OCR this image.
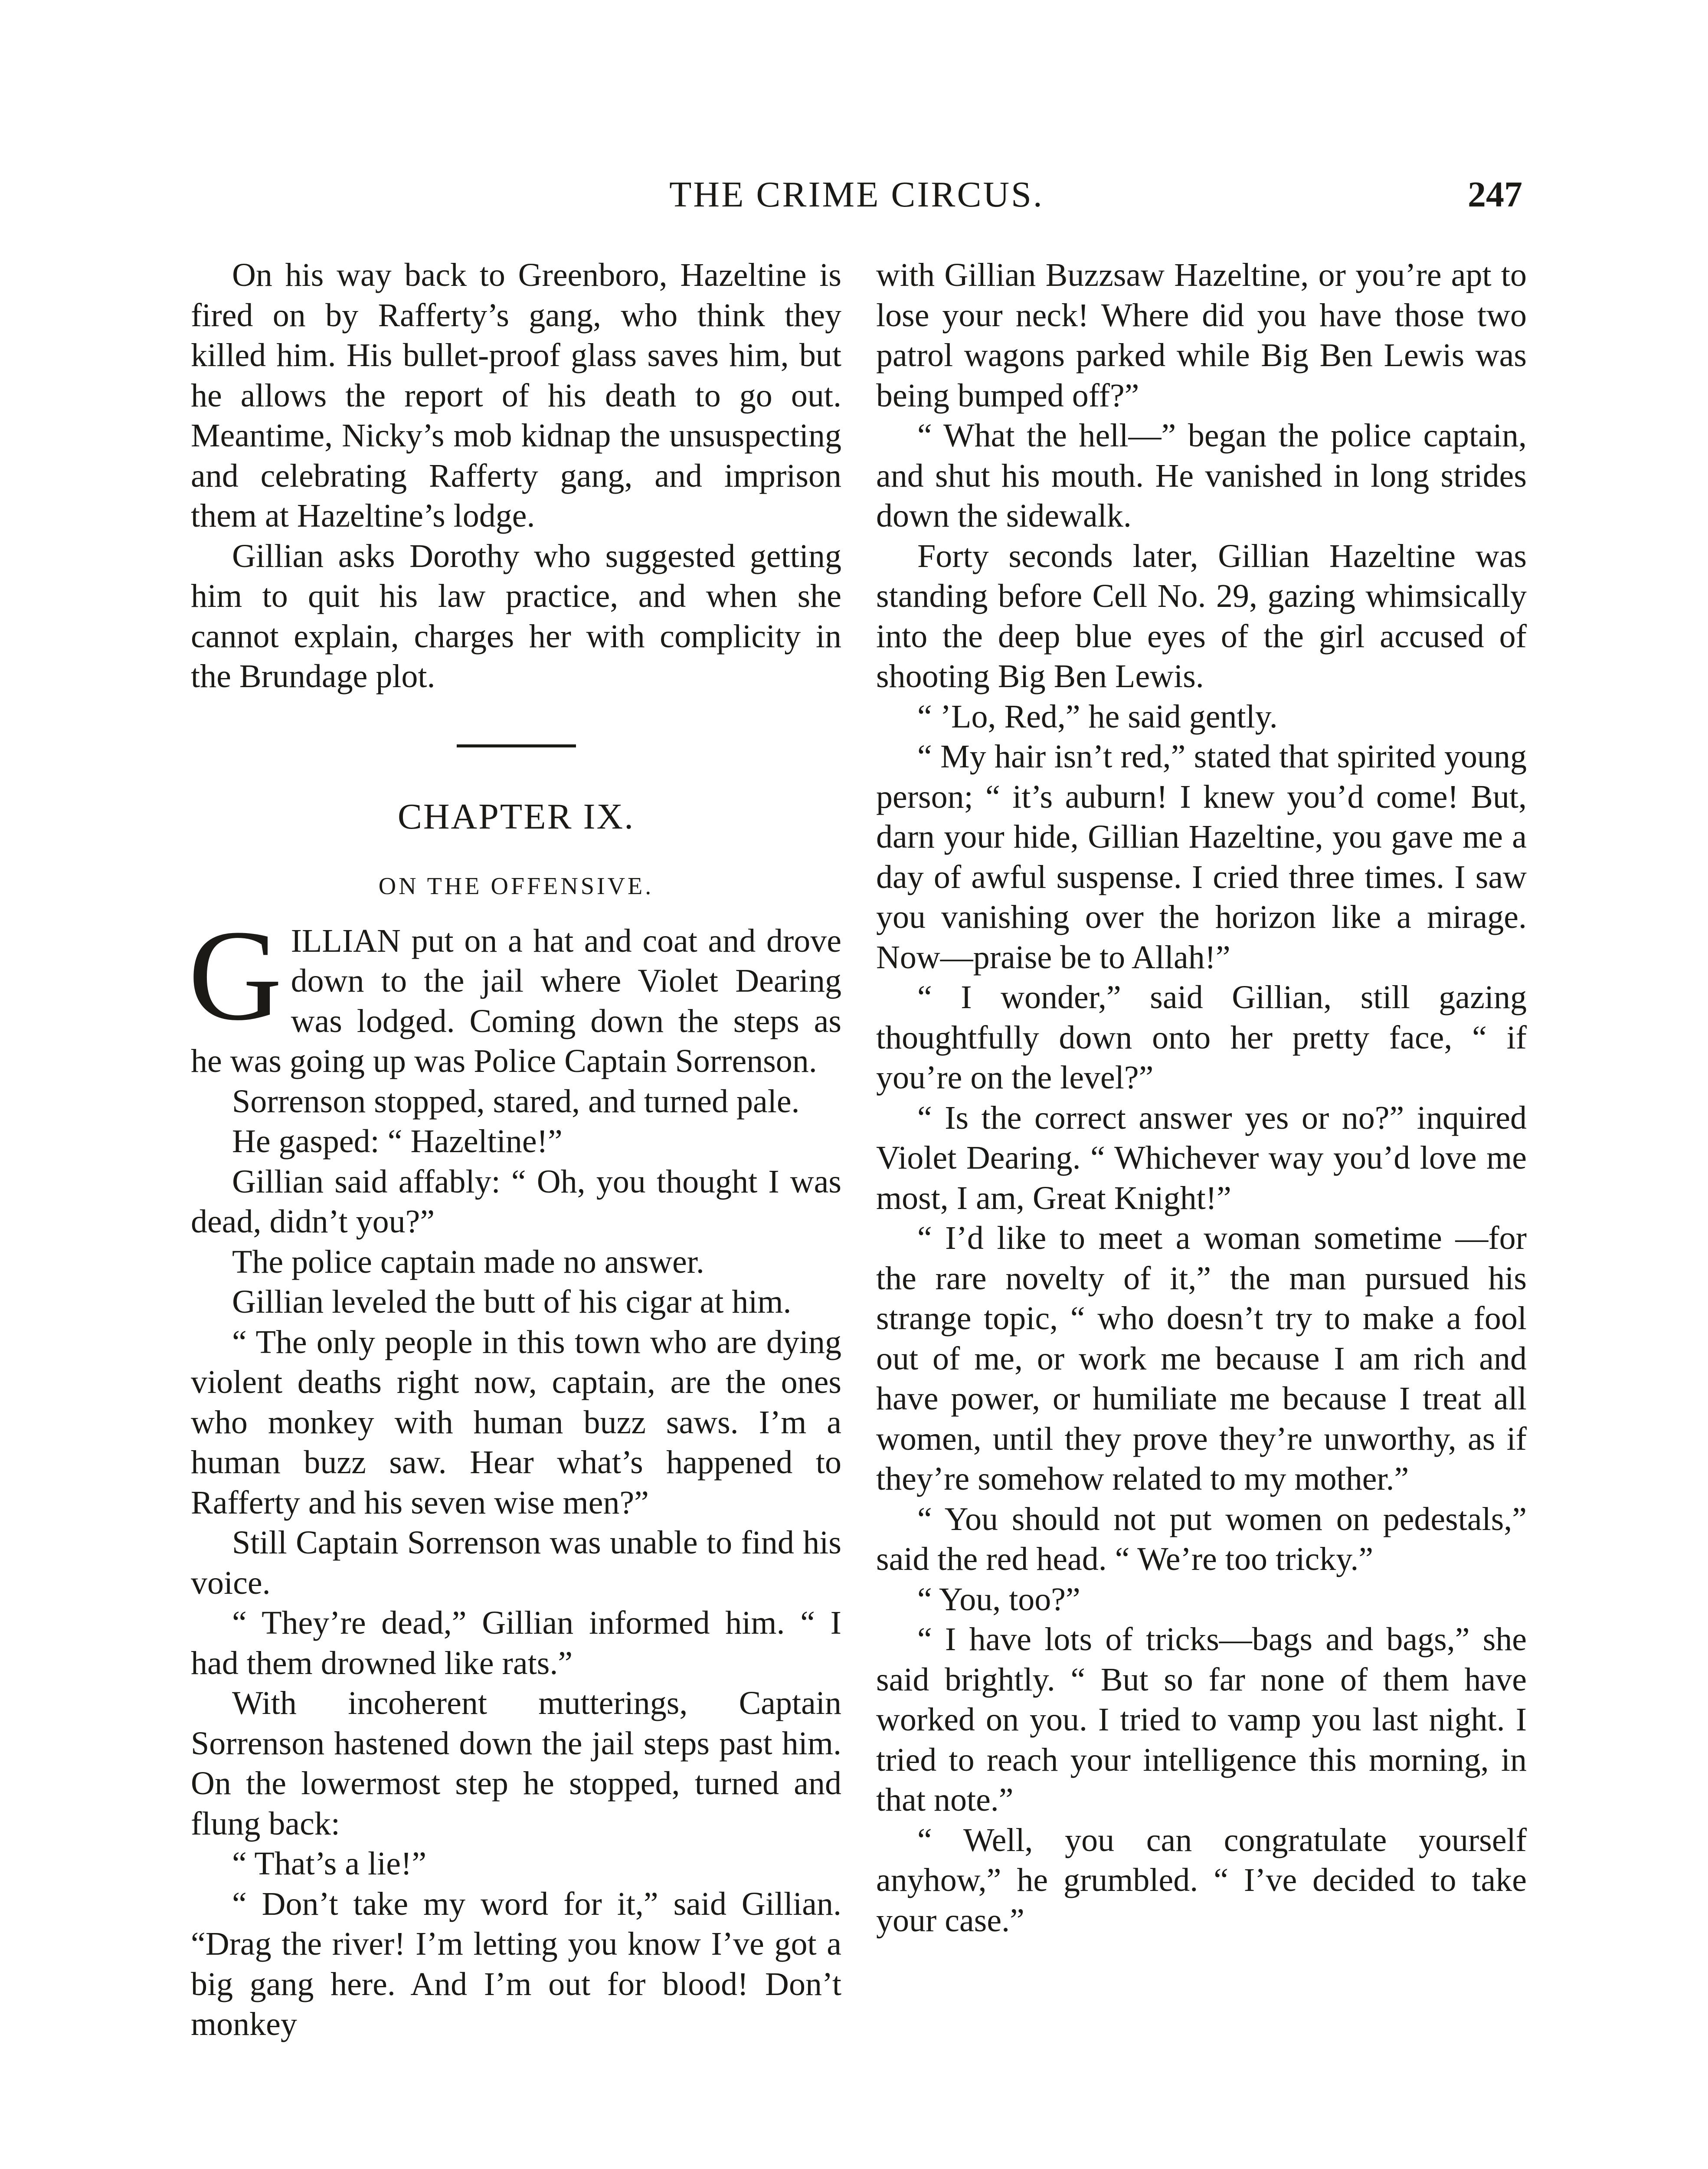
THE CRIME CIRCUS.	247

On his way back to Greenboro, Hazeltine is fired on by Rafferty’s gang, who think they killed him. His bullet-proof glass saves him, but he allows the report of his death to go out. Meantime, Nicky’s mob kidnap the unsuspecting and celebrating Rafferty gang, and imprison them at Hazeltine’s lodge.

Gillian asks Dorothy who suggested getting him to quit his law practice, and when she cannot explain, charges her with complicity in the Brundage plot.

CHAPTER IX.
ON THE OFFENSIVE.

GILLIAN put on a hat and coat and drove down to the jail where Violet Dearing was lodged. Coming down the steps as he was going up was Police Captain Sorrenson.

Sorrenson stopped, stared, and turned pale.

He gasped: “ Hazeltine!”

Gillian said affably: “ Oh, you thought I was dead, didn’t you?”

The police captain made no answer.

Gillian leveled the butt of his cigar at him.

“ The only people in this town who are dying violent deaths right now, captain, are the ones who monkey with human buzz saws. I’m a human buzz saw. Hear what’s happened to Rafferty and his seven wise men?”

Still Captain Sorrenson was unable to find his voice.

“ They’re dead,” Gillian informed him. “ I had them drowned like rats.”

With incoherent mutterings, Captain Sorrenson hastened down the jail steps past him. On the lowermost step he stopped, turned and flung back:

“ That’s a lie!”

“ Don’t take my word for it,” said Gillian. “Drag the river! I’m letting you know I’ve got a big gang here. And I’m out for blood! Don’t monkey

with Gillian Buzzsaw Hazeltine, or you’re apt to lose your neck! Where did you have those two patrol wagons parked while Big Ben Lewis was being bumped off?”

“ What the hell—” began the police captain, and shut his mouth. He vanished in long strides down the sidewalk.

Forty seconds later, Gillian Hazeltine was standing before Cell No. 29, gazing whimsically into the deep blue eyes of the girl accused of shooting Big Ben Lewis.

“ ’Lo, Red,” he said gently.

“ My hair isn’t red,” stated that spirited young person; “ it’s auburn! I knew you’d come! But, darn your hide, Gillian Hazeltine, you gave me a day of awful suspense. I cried three times. I saw you vanishing over the horizon like a mirage. Now—praise be to Allah!”

“ I wonder,” said Gillian, still gazing thoughtfully down onto her pretty face, “ if you’re on the level?”

“ Is the correct answer yes or no?” inquired Violet Dearing. “ Whichever way you’d love me most, I am, Great Knight!”

“ I’d like to meet a woman sometime —for the rare novelty of it,” the man pursued his strange topic, “ who doesn’t try to make a fool out of me, or work me because I am rich and have power, or humiliate me because I treat all women, until they prove they’re unworthy, as if they’re somehow related to my mother.”

“ You should not put women on pedestals,” said the red head. “ We’re too tricky.”

“ You, too?”

“ I have lots of tricks—bags and bags,” she said brightly. “ But so far none of them have worked on you. I tried to vamp you last night. I tried to reach your intelligence this morning, in that note.”

“ Well, you can congratulate yourself anyhow,” he grumbled. “ I’ve decided to take your case.”
